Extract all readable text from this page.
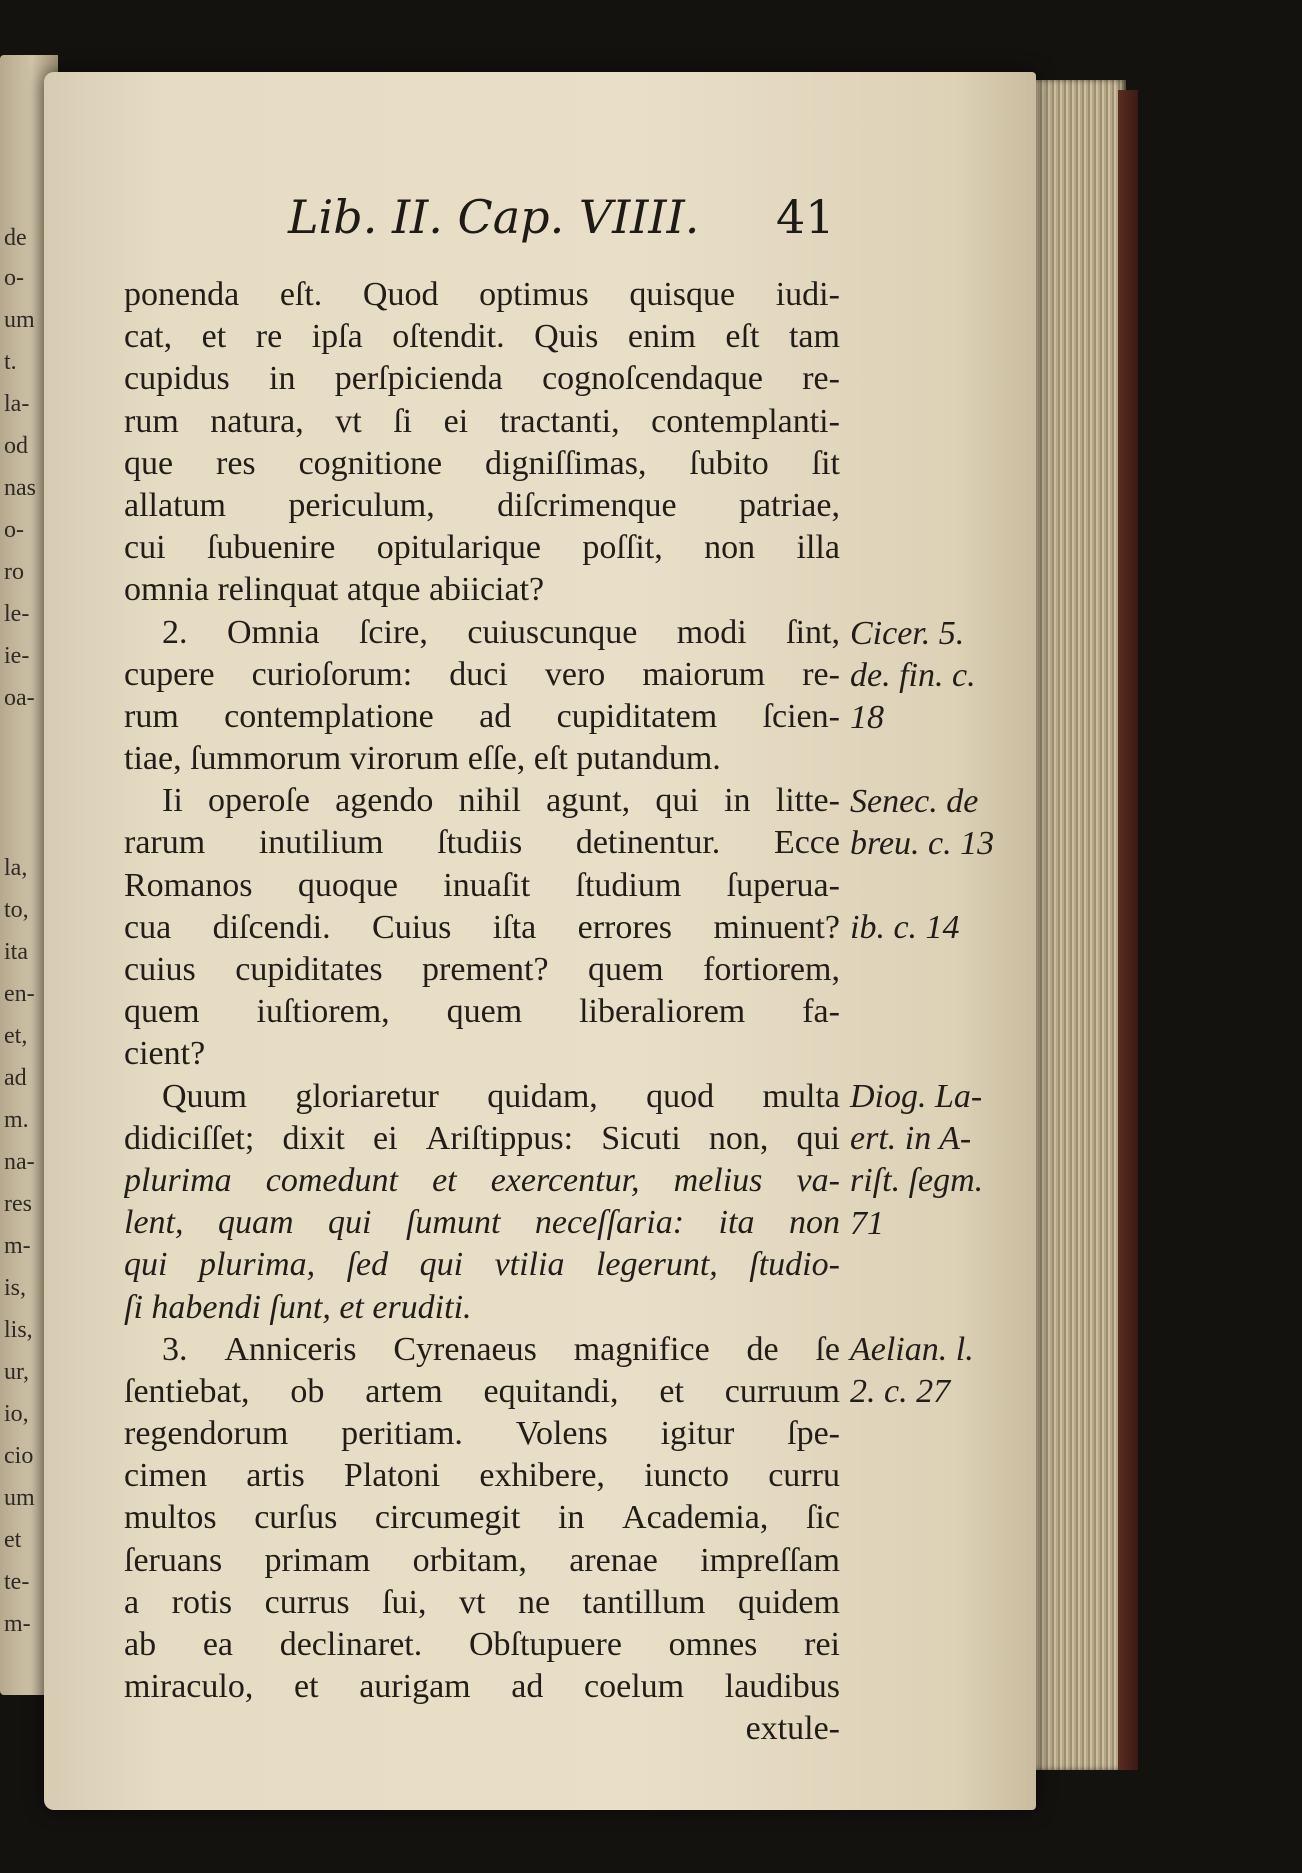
de
o-
um
t.
la-
od
nas
o-
ro
le-
ie-
oa-
la,
to,
ita
en-
et,
ad
m.
na-
res
m-
is,
lis,
ur,
io,
cio
um
et
te-
m-
Lib. II. Cap. VIIII. 41
ponenda eſt. Quod optimus quisque iudi-
cat, et re ipſa oſtendit. Quis enim eſt tam
cupidus in perſpicienda cognoſcendaque re-
rum natura, vt ſi ei tractanti, contemplanti-
que res cognitione digniſſimas, ſubito ſit
allatum periculum, diſcrimenque patriae,
cui ſubuenire opitularique poſſit, non illa
omnia relinquat atque abiiciat?
2. Omnia ſcire, cuiuscunque modi ſint,
cupere curioſorum: duci vero maiorum re-
rum contemplatione ad cupiditatem ſcien-
tiae, ſummorum virorum eſſe, eſt putandum.
Ii operoſe agendo nihil agunt, qui in litte-
rarum inutilium ſtudiis detinentur. Ecce
Romanos quoque inuaſit ſtudium ſuperua-
cua diſcendi. Cuius iſta errores minuent?
cuius cupiditates prement? quem fortiorem,
quem iuſtiorem, quem liberaliorem fa-
cient?
Quum gloriaretur quidam, quod multa
didiciſſet; dixit ei Ariſtippus: Sicuti non, qui
plurima comedunt et exercentur, melius va-
lent, quam qui ſumunt neceſſaria: ita non
qui plurima, ſed qui vtilia legerunt, ſtudio-
ſi habendi ſunt, et eruditi.
3. Anniceris Cyrenaeus magnifice de ſe
ſentiebat, ob artem equitandi, et curruum
regendorum peritiam. Volens igitur ſpe-
cimen artis Platoni exhibere, iuncto curru
multos curſus circumegit in Academia, ſic
ſeruans primam orbitam, arenae impreſſam
a rotis currus ſui, vt ne tantillum quidem
ab ea declinaret. Obſtupuere omnes rei
miraculo, et aurigam ad coelum laudibus
extule-
Cicer. 5.
de. fin. c.
18
Senec. de
breu. c. 13
ib. c. 14
Diog. La-
ert. in A-
riſt. ſegm.
71
Aelian. l.
2. c. 27
